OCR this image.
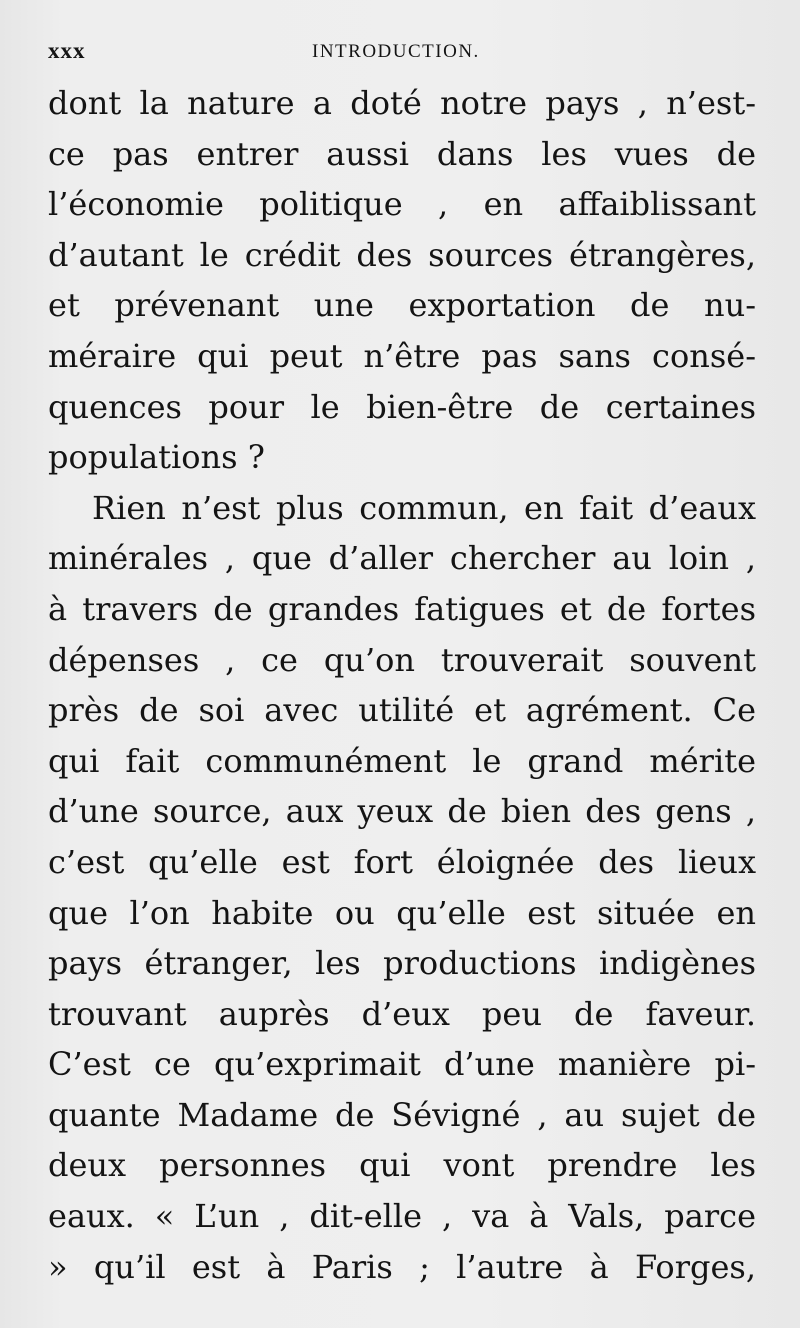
xxx	INTRODUCTION.
dont la nature a doté notre pays , n’est-
ce pas entrer aussi dans les vues de
l’économie politique , en affaiblissant
d’autant le crédit des sources étrangères,
et prévenant une exportation de nu-
méraire qui peut n’être pas sans consé-
quences pour le bien-être de certaines
populations ?
Rien n’est plus commun, en fait d’eaux
minérales , que d’aller chercher au loin ,
à travers de grandes fatigues et de fortes
dépenses , ce qu’on trouverait souvent
près de soi avec utilité et agrément. Ce
qui fait communément le grand mérite
d’une source, aux yeux de bien des gens ,
c’est qu’elle est fort éloignée des lieux
que l’on habite ou qu’elle est située en
pays étranger, les productions indigènes
trouvant auprès d’eux peu de faveur.
C’est ce qu’exprimait d’une manière pi-
quante Madame de Sévigné , au sujet de
deux personnes qui vont prendre les
eaux. « L’un , dit-elle , va à Vals, parce
» qu’il est à Paris ; l’autre à Forges,
